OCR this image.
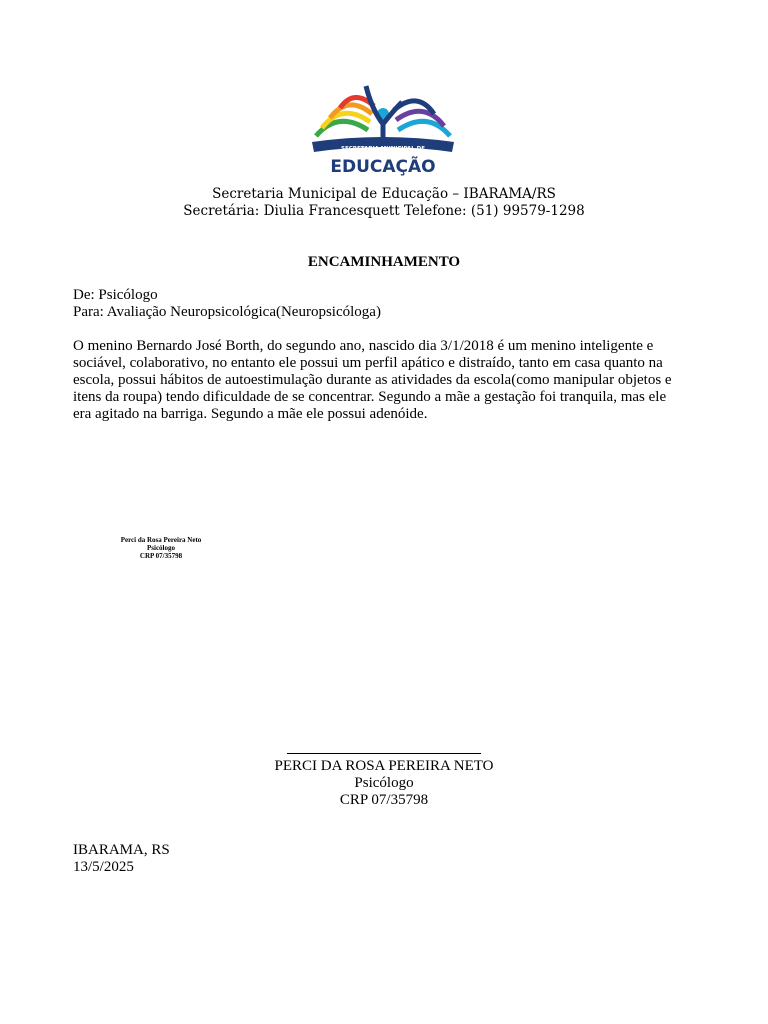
SECRETARIA MUNICIPAL DE
EDUCAÇÃO
Secretaria Municipal de Educação – IBARAMA/RS
Secretária: Diulia Francesquett Telefone: (51) 99579-1298
ENCAMINHAMENTO
De: Psicólogo
Para: Avaliação Neuropsicológica(Neuropsicóloga)

O menino Bernardo José Borth, do segundo ano, nascido dia 3/1/2018 é um menino inteligente e
sociável, colaborativo, no entanto ele possui um perfil apático e distraído, tanto em casa quanto na
escola, possui hábitos de autoestimulação durante as atividades da escola(como manipular objetos e
itens da roupa) tendo dificuldade de se concentrar. Segundo a mãe a gestação foi tranquila, mas ele
era agitado na barriga. Segundo a mãe ele possui adenóide.

Perci da Rosa Pereira Neto
Psicólogo
CRP 07/35798
PERCI DA ROSA PEREIRA NETO
Psicólogo
CRP 07/35798
IBARAMA, RS
13/5/2025
